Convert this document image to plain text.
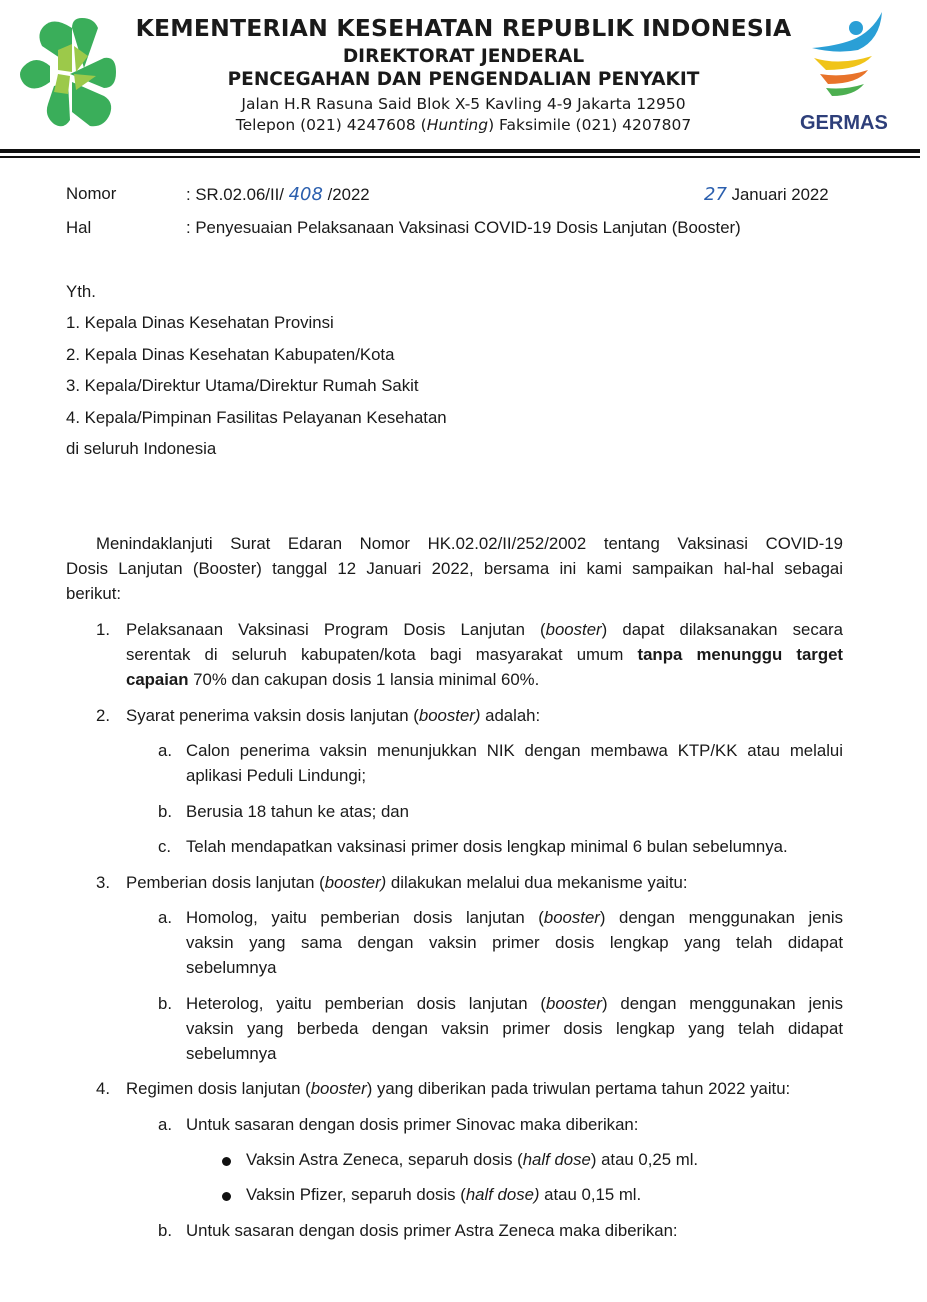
KEMENTERIAN KESEHATAN REPUBLIK INDONESIA
DIREKTORAT JENDERAL
PENCEGAHAN DAN PENGENDALIAN PENYAKIT
Jalan H.R Rasuna Said Blok X-5 Kavling 4-9 Jakarta 12950
Telepon (021) 4247608 (Hunting) Faksimile (021) 4207807	GERMAS
Nomor	: SR.02.06/II/ 408 /2022	27 Januari 2022
Hal	: Penyesuaian Pelaksanaan Vaksinasi COVID-19 Dosis Lanjutan (Booster)
Yth.
1. Kepala Dinas Kesehatan Provinsi
2. Kepala Dinas Kesehatan Kabupaten/Kota
3. Kepala/Direktur Utama/Direktur Rumah Sakit
4. Kepala/Pimpinan Fasilitas Pelayanan Kesehatan
di seluruh Indonesia
Menindaklanjuti Surat Edaran Nomor HK.02.02/II/252/2002 tentang Vaksinasi COVID-19
Dosis Lanjutan (Booster) tanggal 12 Januari 2022, bersama ini kami sampaikan hal-hal sebagai
berikut:
1. Pelaksanaan Vaksinasi Program Dosis Lanjutan (booster) dapat dilaksanakan secara
serentak di seluruh kabupaten/kota bagi masyarakat umum tanpa menunggu target
capaian 70% dan cakupan dosis 1 lansia minimal 60%.
2. Syarat penerima vaksin dosis lanjutan (booster) adalah:
a. Calon penerima vaksin menunjukkan NIK dengan membawa KTP/KK atau melalui
aplikasi Peduli Lindungi;
b. Berusia 18 tahun ke atas; dan
c. Telah mendapatkan vaksinasi primer dosis lengkap minimal 6 bulan sebelumnya.
3. Pemberian dosis lanjutan (booster) dilakukan melalui dua mekanisme yaitu:
a. Homolog, yaitu pemberian dosis lanjutan (booster) dengan menggunakan jenis
vaksin yang sama dengan vaksin primer dosis lengkap yang telah didapat
sebelumnya
b. Heterolog, yaitu pemberian dosis lanjutan (booster) dengan menggunakan jenis
vaksin yang berbeda dengan vaksin primer dosis lengkap yang telah didapat
sebelumnya
4. Regimen dosis lanjutan (booster) yang diberikan pada triwulan pertama tahun 2022 yaitu:
a. Untuk sasaran dengan dosis primer Sinovac maka diberikan:
Vaksin Astra Zeneca, separuh dosis (half dose) atau 0,25 ml.
Vaksin Pfizer, separuh dosis (half dose) atau 0,15 ml.
b. Untuk sasaran dengan dosis primer Astra Zeneca maka diberikan:
